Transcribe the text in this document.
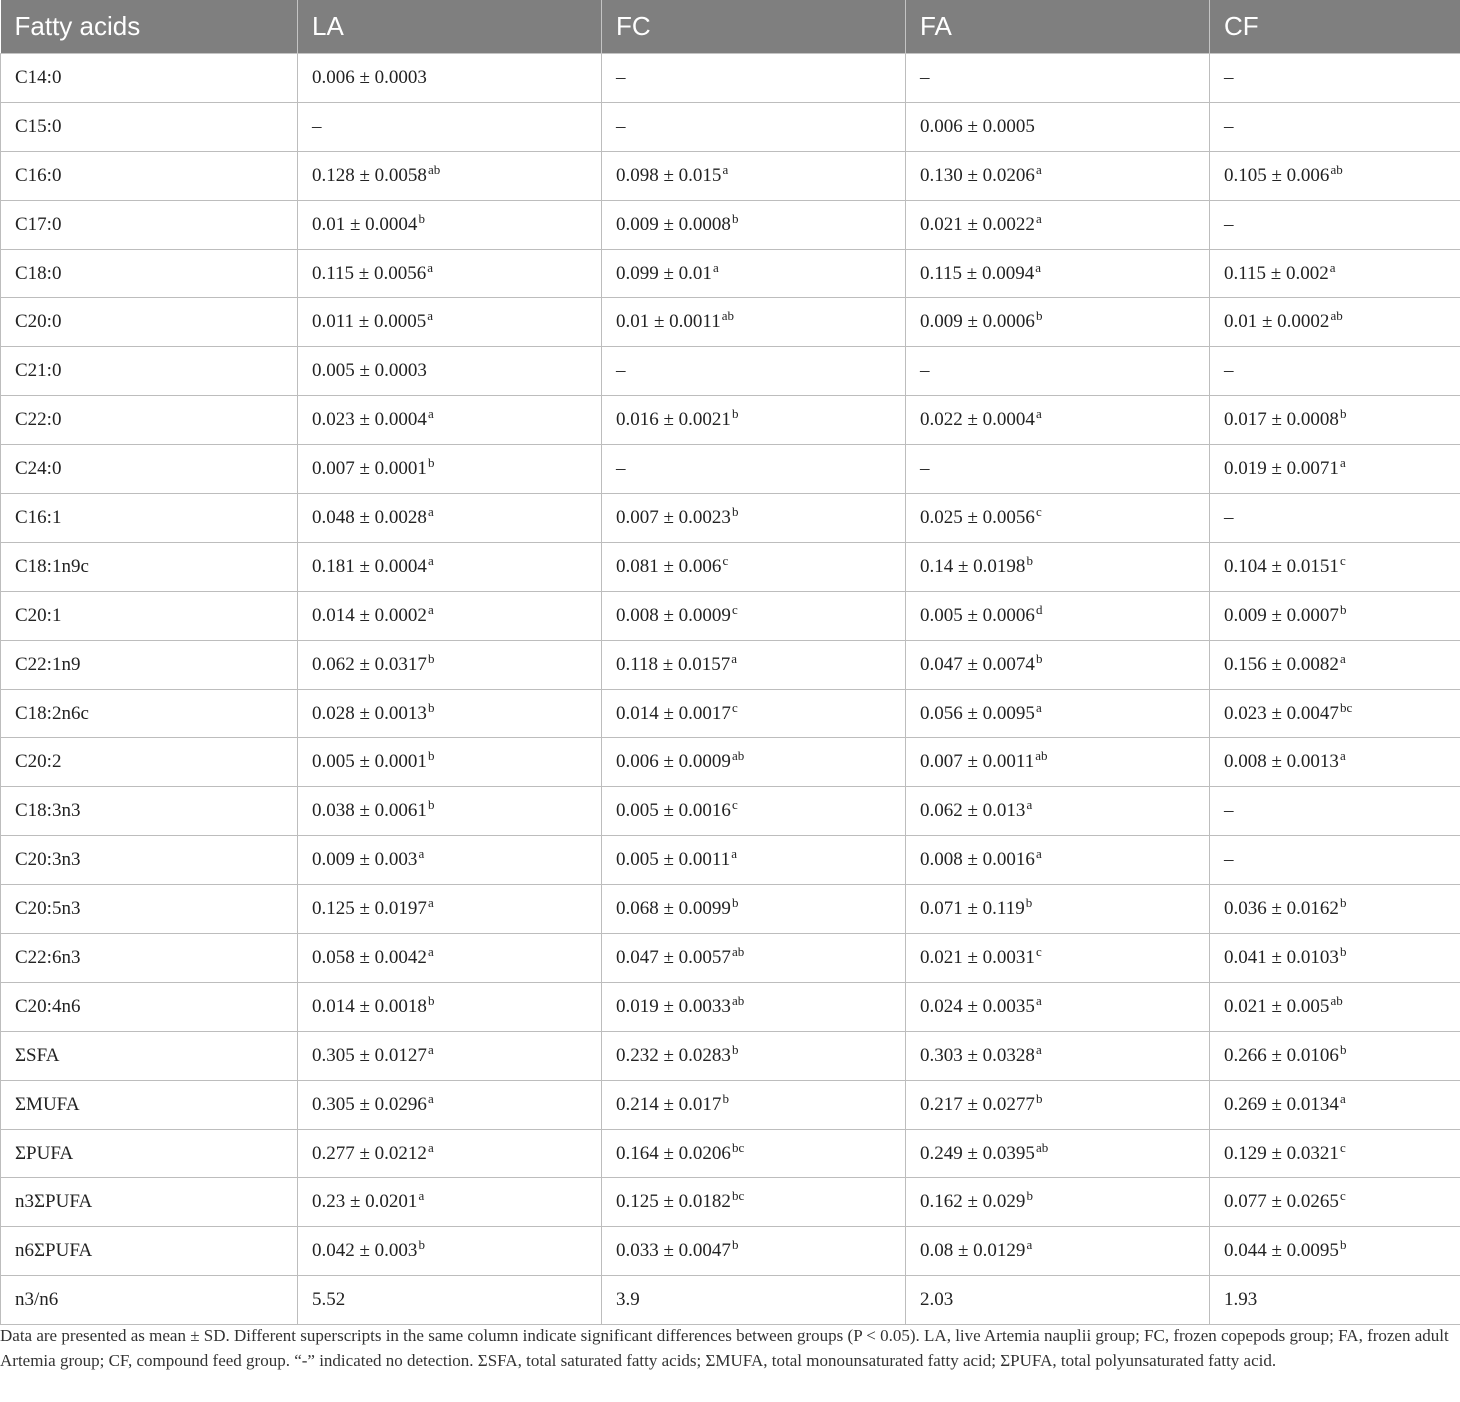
Fatty acids	LA	FC	FA	CF
C14:0	0.006 ± 0.0003	–	–	–
C15:0	–	–	0.006 ± 0.0005	–
C16:0	0.128 ± 0.0058$^{ab}$	0.098 ± 0.015$^a$	0.130 ± 0.0206$^a$	0.105 ± 0.006$^{ab}$
C17:0	0.01 ± 0.0004$^b$	0.009 ± 0.0008$^b$	0.021 ± 0.0022$^a$	–
C18:0	0.115 ± 0.0056$^a$	0.099 ± 0.01$^a$	0.115 ± 0.0094$^a$	0.115 ± 0.002$^a$
C20:0	0.011 ± 0.0005$^a$	0.01 ± 0.0011$^{ab}$	0.009 ± 0.0006$^b$	0.01 ± 0.0002$^{ab}$
C21:0	0.005 ± 0.0003	–	–	–
C22:0	0.023 ± 0.0004$^a$	0.016 ± 0.0021$^b$	0.022 ± 0.0004$^a$	0.017 ± 0.0008$^b$
C24:0	0.007 ± 0.0001$^b$	–	–	0.019 ± 0.0071$^a$
C16:1	0.048 ± 0.0028$^a$	0.007 ± 0.0023$^b$	0.025 ± 0.0056$^c$	–
C18:1n9c	0.181 ± 0.0004$^a$	0.081 ± 0.006$^c$	0.14 ± 0.0198$^b$	0.104 ± 0.0151$^c$
C20:1	0.014 ± 0.0002$^a$	0.008 ± 0.0009$^c$	0.005 ± 0.0006$^d$	0.009 ± 0.0007$^b$
C22:1n9	0.062 ± 0.0317$^b$	0.118 ± 0.0157$^a$	0.047 ± 0.0074$^b$	0.156 ± 0.0082$^a$
C18:2n6c	0.028 ± 0.0013$^b$	0.014 ± 0.0017$^c$	0.056 ± 0.0095$^a$	0.023 ± 0.0047$^{bc}$
C20:2	0.005 ± 0.0001$^b$	0.006 ± 0.0009$^{ab}$	0.007 ± 0.0011$^{ab}$	0.008 ± 0.0013$^a$
C18:3n3	0.038 ± 0.0061$^b$	0.005 ± 0.0016$^c$	0.062 ± 0.013$^a$	–
C20:3n3	0.009 ± 0.003$^a$	0.005 ± 0.0011$^a$	0.008 ± 0.0016$^a$	–
C20:5n3	0.125 ± 0.0197$^a$	0.068 ± 0.0099$^b$	0.071 ± 0.119$^b$	0.036 ± 0.0162$^b$
C22:6n3	0.058 ± 0.0042$^a$	0.047 ± 0.0057$^{ab}$	0.021 ± 0.0031$^c$	0.041 ± 0.0103$^b$
C20:4n6	0.014 ± 0.0018$^b$	0.019 ± 0.0033$^{ab}$	0.024 ± 0.0035$^a$	0.021 ± 0.005$^{ab}$
ΣSFA	0.305 ± 0.0127$^a$	0.232 ± 0.0283$^b$	0.303 ± 0.0328$^a$	0.266 ± 0.0106$^b$
ΣMUFA	0.305 ± 0.0296$^a$	0.214 ± 0.017$^b$	0.217 ± 0.0277$^b$	0.269 ± 0.0134$^a$
ΣPUFA	0.277 ± 0.0212$^a$	0.164 ± 0.0206$^{bc}$	0.249 ± 0.0395$^{ab}$	0.129 ± 0.0321$^c$
n3ΣPUFA	0.23 ± 0.0201$^a$	0.125 ± 0.0182$^{bc}$	0.162 ± 0.029$^b$	0.077 ± 0.0265$^c$
n6ΣPUFA	0.042 ± 0.003$^b$	0.033 ± 0.0047$^b$	0.08 ± 0.0129$^a$	0.044 ± 0.0095$^b$
n3/n6	5.52	3.9	2.03	1.93
Data are presented as mean ± SD. Different superscripts in the same column indicate significant differences between groups (P < 0.05). LA, live Artemia nauplii group; FC, frozen copepods group; FA, frozen adult Artemia group; CF, compound feed group. “-” indicated no detection. ΣSFA, total saturated fatty acids; ΣMUFA, total monounsaturated fatty acid; ΣPUFA, total polyunsaturated fatty acid.
